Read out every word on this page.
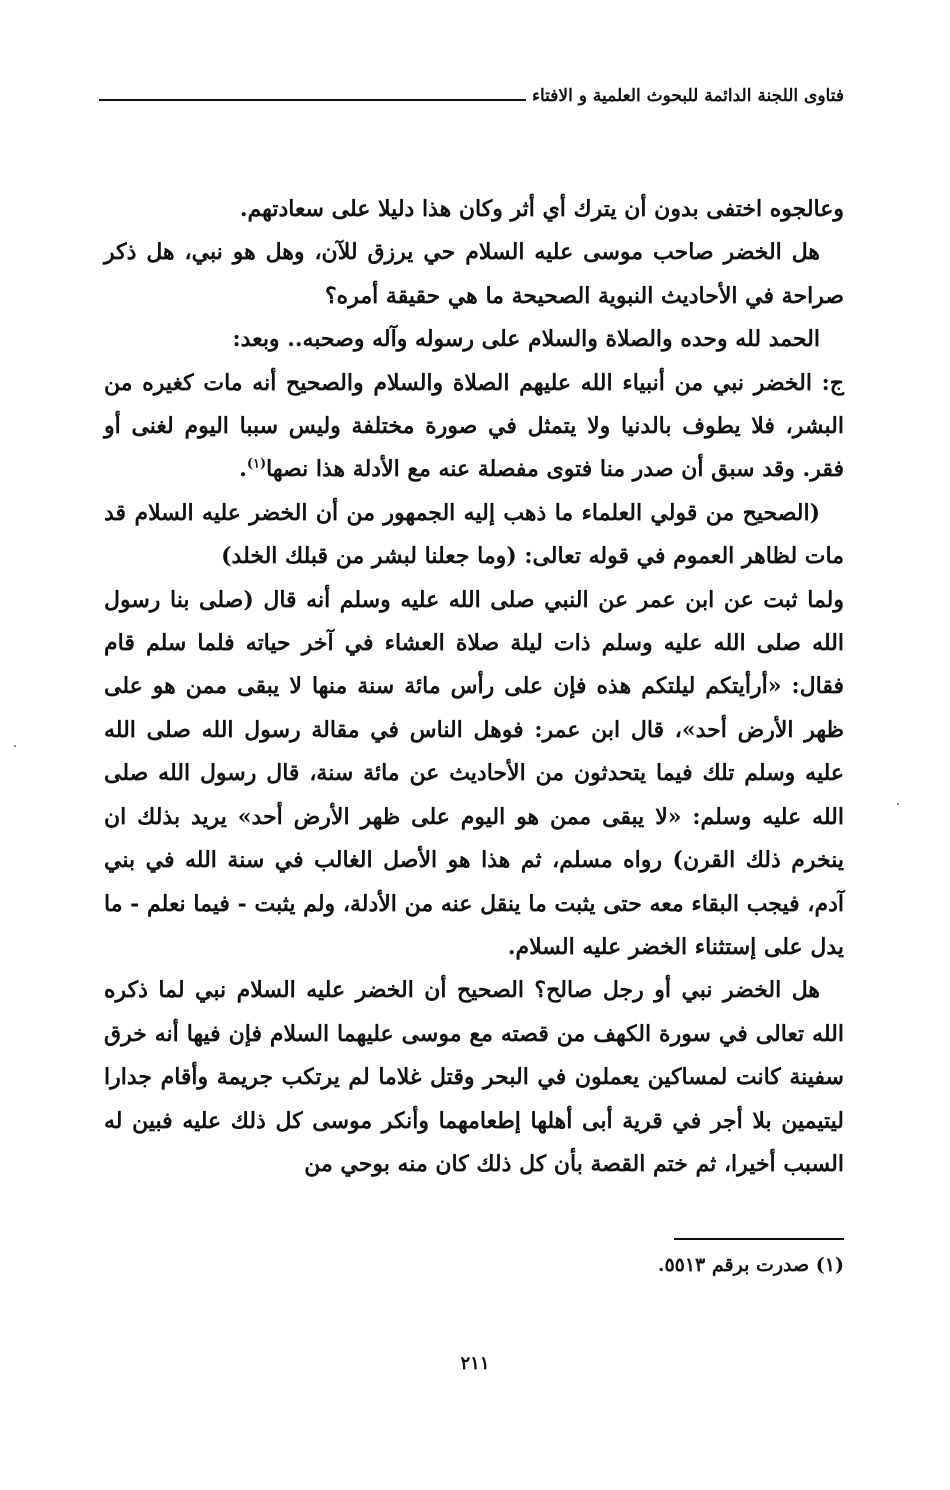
فتاوى اللجنة الدائمة للبحوث العلمية و الافتاء

وعالجوه اختفى بدون أن يترك أي أثر وكان هذا دليلا على سعادتهم.

هل الخضر صاحب موسى عليه السلام حي يرزق للآن، وهل هو نبي، هل ذكر صراحة في الأحاديث النبوية الصحيحة ما هي حقيقة أمره؟

الحمد لله وحده والصلاة والسلام على رسوله وآله وصحبه.. وبعد:

ج: الخضر نبي من أنبياء الله عليهم الصلاة والسلام والصحيح أنه مات كغيره من البشر، فلا يطوف بالدنيا ولا يتمثل في صورة مختلفة وليس سببا اليوم لغنى أو فقر. وقد سبق أن صدر منا فتوى مفصلة عنه مع الأدلة هذا نصها$^{(١)}$.

(الصحيح من قولي العلماء ما ذهب إليه الجمهور من أن الخضر عليه السلام قد مات لظاهر العموم في قوله تعالى: (وما جعلنا لبشر من قبلك الخلد)

ولما ثبت عن ابن عمر عن النبي صلى الله عليه وسلم أنه قال (صلى بنا رسول الله صلى الله عليه وسلم ذات ليلة صلاة العشاء في آخر حياته فلما سلم قام فقال: «أرأيتكم ليلتكم هذه فإن على رأس مائة سنة منها لا يبقى ممن هو على ظهر الأرض أحد»، قال ابن عمر: فوهل الناس في مقالة رسول الله صلى الله عليه وسلم تلك فيما يتحدثون من الأحاديث عن مائة سنة، قال رسول الله صلى الله عليه وسلم: «لا يبقى ممن هو اليوم على ظهر الأرض أحد» يريد بذلك ان ينخرم ذلك القرن) رواه مسلم، ثم هذا هو الأصل الغالب في سنة الله في بني آدم، فيجب البقاء معه حتى يثبت ما ينقل عنه من الأدلة، ولم يثبت - فيما نعلم - ما يدل على إستثناء الخضر عليه السلام.

هل الخضر نبي أو رجل صالح؟ الصحيح أن الخضر عليه السلام نبي لما ذكره الله تعالى في سورة الكهف من قصته مع موسى عليهما السلام فإن فيها أنه خرق سفينة كانت لمساكين يعملون في البحر وقتل غلاما لم يرتكب جريمة وأقام جدارا ليتيمين بلا أجر في قرية أبى أهلها إطعامهما وأنكر موسى كل ذلك عليه فبين له السبب أخيرا، ثم ختم القصة بأن كل ذلك كان منه بوحي من

(١) صدرت برقم ٥٥١٣.
٢١١
